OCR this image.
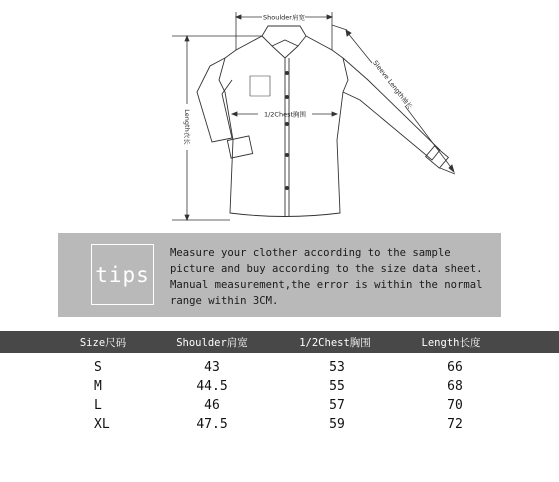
Shoulder肩宽
1/2Chest胸围
Length衣长
Sleeve Length袖长
tips
Measure your clother according to the sample
picture and buy according to the size data sheet.
Manual measurement,the error is within the normal
range within 3CM.
Size尺码	Shoulder肩宽	1/2Chest胸围	Length长度
S	43	53	66
M	44.5	55	68
L	46	57	70
XL	47.5	59	72
